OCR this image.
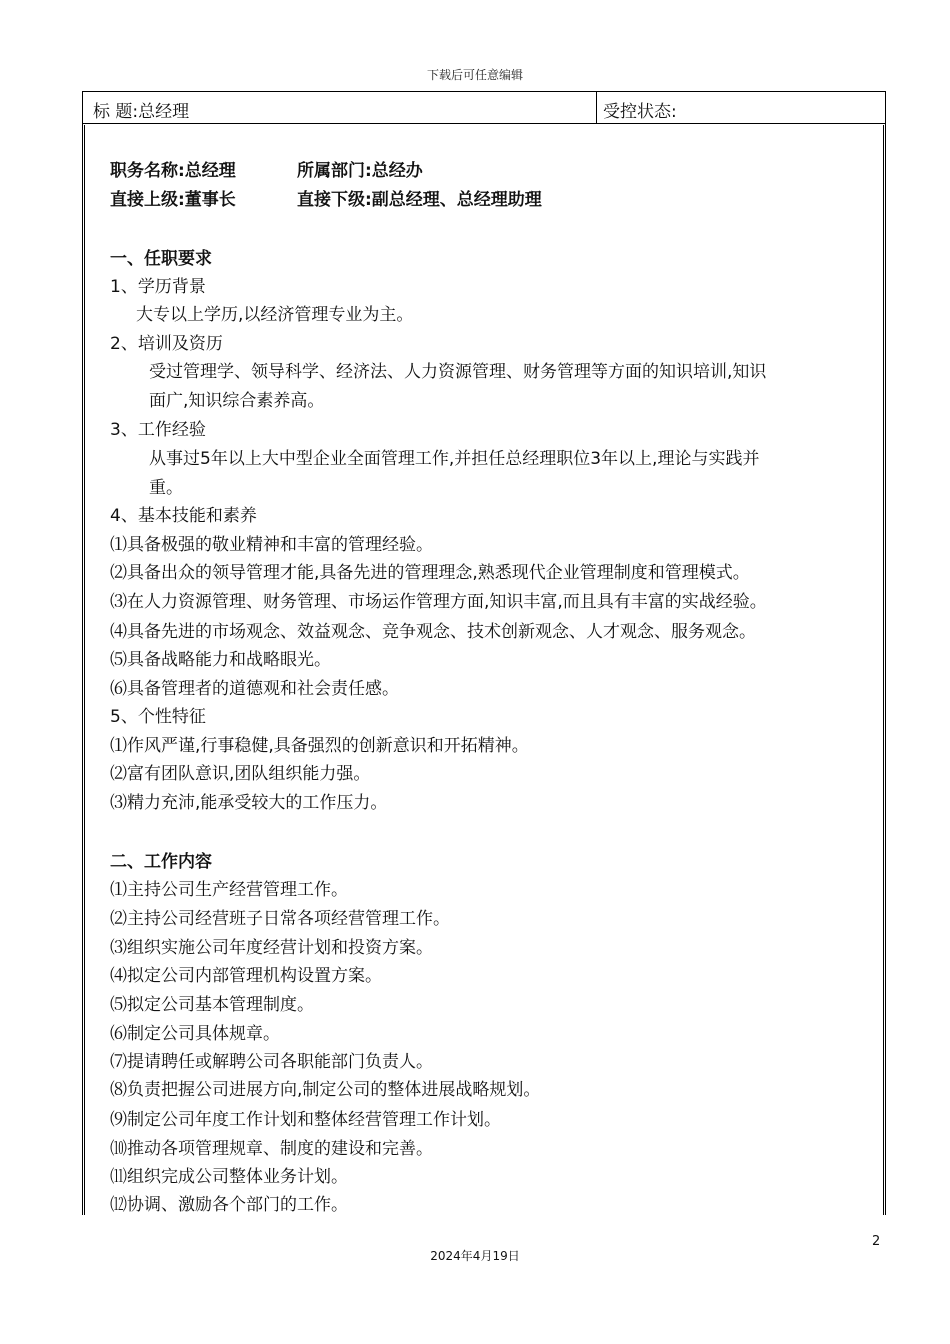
下载后可任意编辑
标 题:总经理	受控状态:
职务名称:总经理	所属部门:总经办
直接上级:董事长	直接下级:副总经理、总经理助理
一、任职要求
1、学历背景
大专以上学历,以经济管理专业为主。
2、培训及资历
受过管理学、领导科学、经济法、人力资源管理、财务管理等方面的知识培训,知识
面广,知识综合素养高。
3、工作经验
从事过5年以上大中型企业全面管理工作,并担任总经理职位3年以上,理论与实践并
重。
4、基本技能和素养
⑴具备极强的敬业精神和丰富的管理经验。
⑵具备出众的领导管理才能,具备先进的管理理念,熟悉现代企业管理制度和管理模式。
⑶在人力资源管理、财务管理、市场运作管理方面,知识丰富,而且具有丰富的实战经验。
⑷具备先进的市场观念、效益观念、竞争观念、技术创新观念、人才观念、服务观念。
⑸具备战略能力和战略眼光。
⑹具备管理者的道德观和社会责任感。
5、个性特征
⑴作风严谨,行事稳健,具备强烈的创新意识和开拓精神。
⑵富有团队意识,团队组织能力强。
⑶精力充沛,能承受较大的工作压力。
二、工作内容
⑴主持公司生产经营管理工作。
⑵主持公司经营班子日常各项经营管理工作。
⑶组织实施公司年度经营计划和投资方案。
⑷拟定公司内部管理机构设置方案。
⑸拟定公司基本管理制度。
⑹制定公司具体规章。
⑺提请聘任或解聘公司各职能部门负责人。
⑻负责把握公司进展方向,制定公司的整体进展战略规划。
⑼制定公司年度工作计划和整体经营管理工作计划。
⑽推动各项管理规章、制度的建设和完善。
⑾组织完成公司整体业务计划。
⑿协调、激励各个部门的工作。
2
2024年4月19日
